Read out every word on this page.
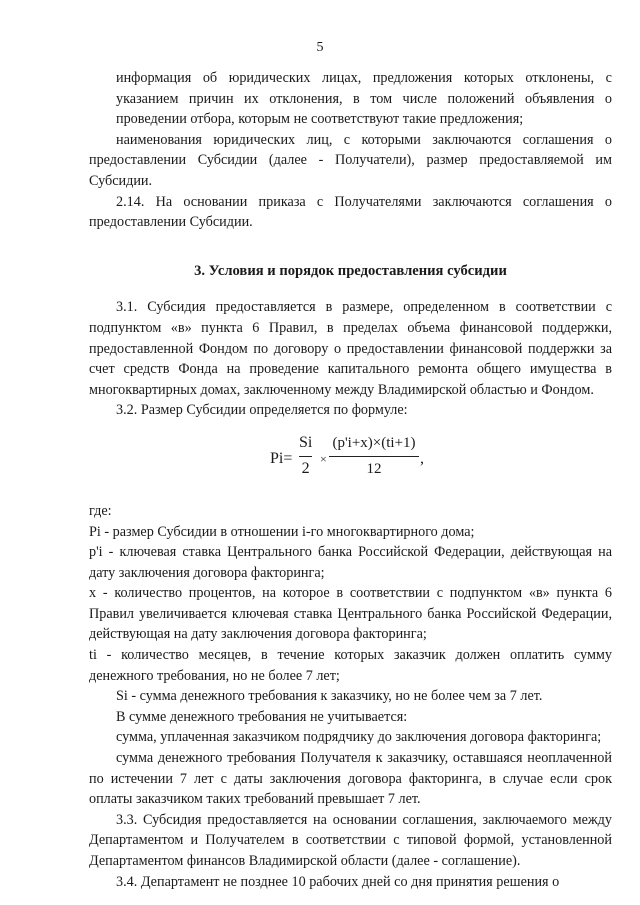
5

информация об юридических лицах, предложения которых отклонены, с указанием причин их отклонения, в том числе положений объявления о проведении отбора, которым не соответствуют такие предложения;

наименования юридических лиц, с которыми заключаются соглашения о предоставлении Субсидии (далее - Получатели), размер предоставляемой им Субсидии.

2.14. На основании приказа с Получателями заключаются соглашения о предоставлении Субсидии.

3. Условия и порядок предоставления субсидии

3.1. Субсидия предоставляется в размере, определенном в соответствии с подпунктом «в» пункта 6 Правил, в пределах объема финансовой поддержки, предоставленной Фондом по договору о предоставлении финансовой поддержки за счет средств Фонда на проведение капитального ремонта общего имущества в многоквартирных домах, заключенному между Владимирской областью и Фондом.

3.2. Размер Субсидии определяется по формуле:

Pi=
Si
2
×
(p'i+x)×(ti+1)
12
,

где:

Pi - размер Субсидии в отношении i-го многоквартирного дома;

p'i - ключевая ставка Центрального банка Российской Федерации, действующая на дату заключения договора факторинга;

x - количество процентов, на которое в соответствии с подпунктом «в» пункта 6 Правил увеличивается ключевая ставка Центрального банка Российской Федерации, действующая на дату заключения договора факторинга;

ti - количество месяцев, в течение которых заказчик должен оплатить сумму денежного требования, но не более 7 лет;

Si - сумма денежного требования к заказчику, но не более чем за 7 лет.

В сумме денежного требования не учитывается:

сумма, уплаченная заказчиком подрядчику до заключения договора факторинга;

сумма денежного требования Получателя к заказчику, оставшаяся неоплаченной по истечении 7 лет с даты заключения договора факторинга, в случае если срок оплаты заказчиком таких требований превышает 7 лет.

3.3. Субсидия предоставляется на основании соглашения, заключаемого между Департаментом и Получателем в соответствии с типовой формой, установленной Департаментом финансов Владимирской области (далее - соглашение).

3.4. Департамент не позднее 10 рабочих дней со дня принятия решения о
